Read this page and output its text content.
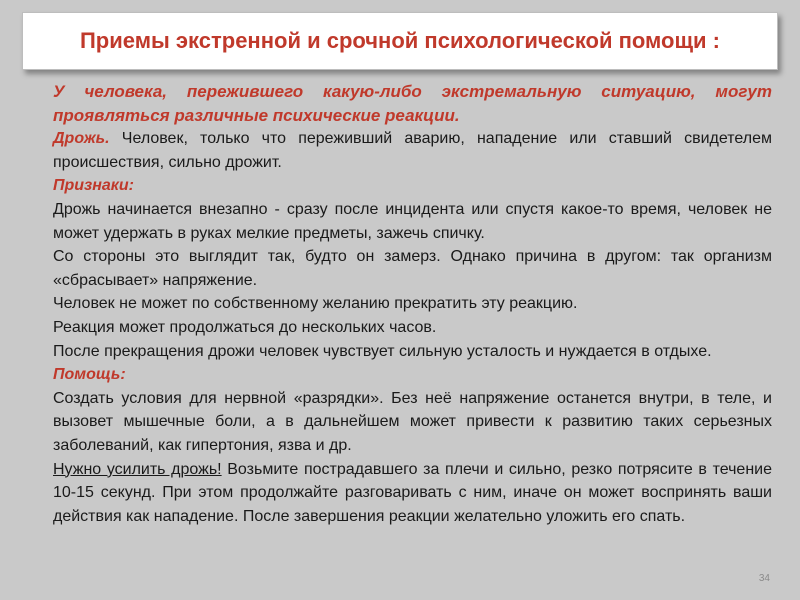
Приемы экстренной и срочной психологической помощи :

У человека, пережившего какую-либо экстремальную ситуацию, могут проявляться различные психические реакции.

Дрожь. Человек, только что переживший аварию, нападение или ставший свидетелем происшествия, сильно дрожит.

Признаки:

Дрожь начинается внезапно - сразу после инцидента или спустя какое-то время, человек не может удержать в руках мелкие предметы, зажечь спичку.

Со стороны это выглядит так, будто он замерз. Однако причина в другом: так организм «сбрасывает» напряжение.

Человек не может по собственному желанию прекратить эту реакцию.

Реакция может продолжаться до нескольких часов.

После прекращения дрожи человек чувствует сильную усталость и нуждается в отдыхе.

Помощь:

Создать условия для нервной «разрядки». Без неё напряжение останется внутри, в теле, и вызовет мышечные боли, а в дальнейшем может привести к развитию таких серьезных заболеваний, как гипертония, язва и др.

Нужно усилить дрожь! Возьмите пострадавшего за плечи и сильно, резко потрясите в течение 10-15 секунд. При этом продолжайте разговаривать с ним, иначе он может воспринять ваши действия как нападение. После завершения реакции желательно уложить его спать.

34
